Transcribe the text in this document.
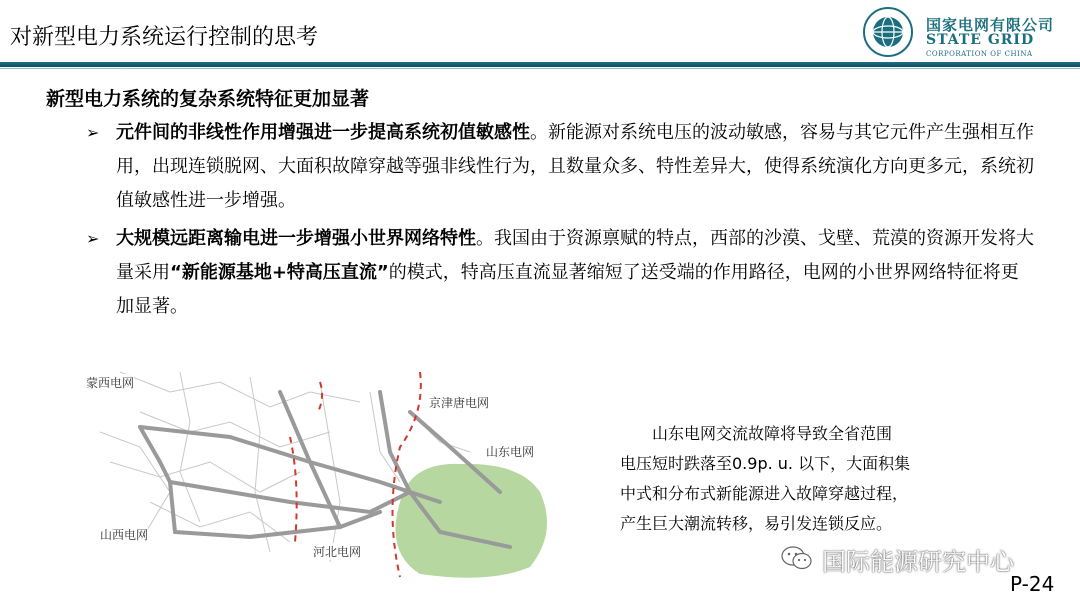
对新型电力系统运行控制的思考	国家电网有限公司
STATE GRID
CORPORATION OF CHINA
新型电力系统的复杂系统特征更加显著
➢ 元件间的非线性作用增强进一步提高系统初值敏感性。新能源对系统电压的波动敏感，容易与其它元件产生强相互作用，出现连锁脱网、大面积故障穿越等强非线性行为，且数量众多、特性差异大，使得系统演化方向更多元，系统初值敏感性进一步增强。
➢ 大规模远距离输电进一步增强小世界网络特性。我国由于资源禀赋的特点，西部的沙漠、戈壁、荒漠的资源开发将大量采用“新能源基地+特高压直流”的模式，特高压直流显著缩短了送受端的作用路径，电网的小世界网络特征将更加显著。
蒙西电网
京津唐电网
山东电网
山西电网
河北电网
山东电网交流故障将导致全省范围
电压短时跌落至0.9p. u. 以下，大面积集
中式和分布式新能源进入故障穿越过程，
产生巨大潮流转移，易引发连锁反应。
国际能源研究中心
P-24
